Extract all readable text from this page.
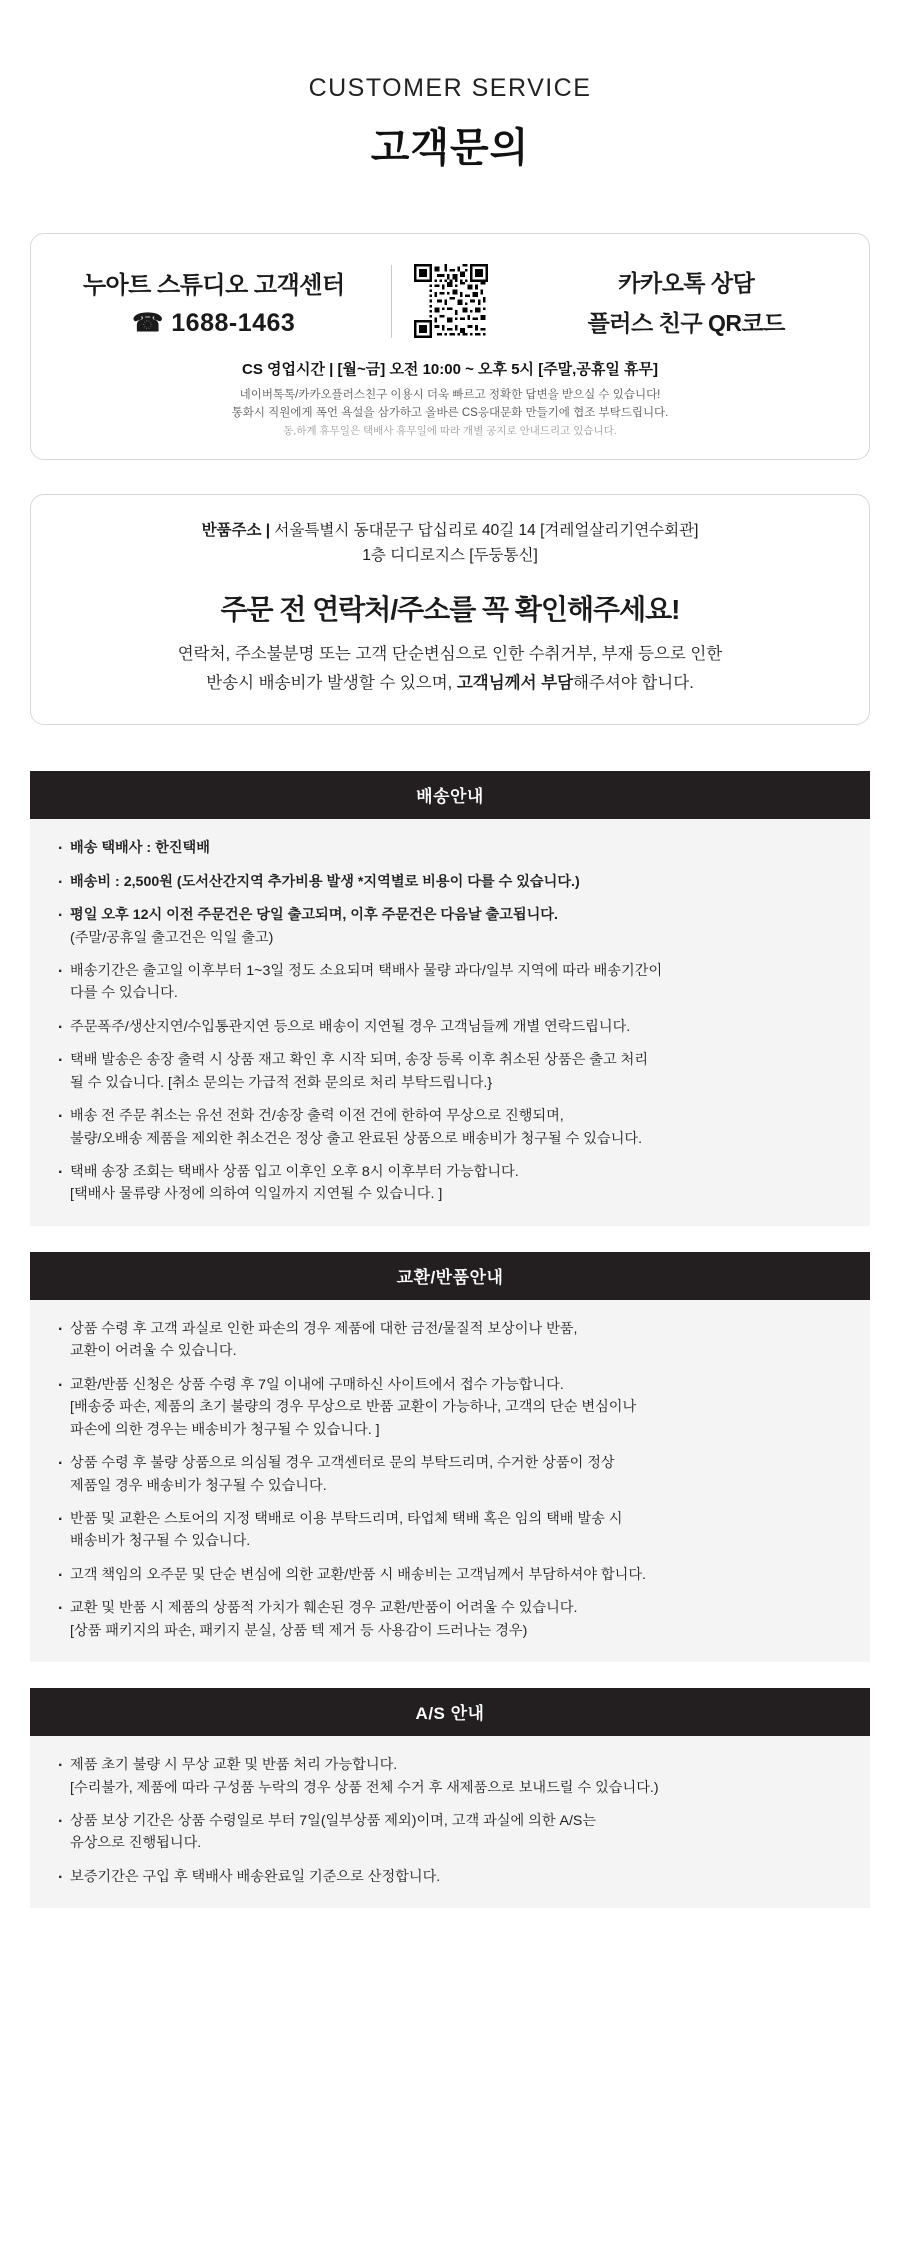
CUSTOMER SERVICE
고객문의
누아트 스튜디오 고객센터
☎ 1688-1463
카카오톡 상담
플러스 친구 QR코드
CS 영업시간 | [월~금] 오전 10:00 ~ 오후 5시 [주말,공휴일 휴무]
네이버톡톡/카카오플러스친구 이용시 더욱 빠르고 정확한 답변을 받으실 수 있습니다!
통화시 직원에게 폭언 욕설을 삼가하고 올바른 CS응대문화 만들기에 협조 부탁드립니다.
동,하계 휴무일은 택배사 휴무일에 따라 개별 공지로 안내드리고 있습니다.
반품주소 | 서울특별시 동대문구 답십리로 40길 14 [겨레얼살리기연수회관]
1층 디디로지스 [두둥통신]
주문 전 연락처/주소를 꼭 확인해주세요!
연락처, 주소불분명 또는 고객 단순변심으로 인한 수취거부, 부재 등으로 인한
반송시 배송비가 발생할 수 있으며, 고객님께서 부담해주셔야 합니다.
배송안내
· 배송 택배사 : 한진택배
· 배송비 : 2,500원 (도서산간지역 추가비용 발생 *지역별로 비용이 다를 수 있습니다.)
· 평일 오후 12시 이전 주문건은 당일 출고되며, 이후 주문건은 다음날 출고됩니다.
(주말/공휴일 출고건은 익일 출고)
· 배송기간은 출고일 이후부터 1~3일 정도 소요되며 택배사 물량 과다/일부 지역에 따라 배송기간이
다를 수 있습니다.
· 주문폭주/생산지연/수입통관지연 등으로 배송이 지연될 경우 고객님들께 개별 연락드립니다.
· 택배 발송은 송장 출력 시 상품 재고 확인 후 시작 되며, 송장 등록 이후 취소된 상품은 출고 처리
될 수 있습니다. [취소 문의는 가급적 전화 문의로 처리 부탁드립니다.}
· 배송 전 주문 취소는 유선 전화 건/송장 출력 이전 건에 한하여 무상으로 진행되며,
불량/오배송 제품을 제외한 취소건은 정상 출고 완료된 상품으로 배송비가 청구될 수 있습니다.
· 택배 송장 조회는 택배사 상품 입고 이후인 오후 8시 이후부터 가능합니다.
[택배사 물류량 사정에 의하여 익일까지 지연될 수 있습니다. ]
교환/반품안내
· 상품 수령 후 고객 과실로 인한 파손의 경우 제품에 대한 금전/물질적 보상이나 반품,
교환이 어려울 수 있습니다.
· 교환/반품 신청은 상품 수령 후 7일 이내에 구매하신 사이트에서 접수 가능합니다.
[배송중 파손, 제품의 초기 불량의 경우 무상으로 반품 교환이 가능하나, 고객의 단순 변심이나
파손에 의한 경우는 배송비가 청구될 수 있습니다. ]
· 상품 수령 후 불량 상품으로 의심될 경우 고객센터로 문의 부탁드리며, 수거한 상품이 정상
제품일 경우 배송비가 청구될 수 있습니다.
· 반품 및 교환은 스토어의 지정 택배로 이용 부탁드리며, 타업체 택배 혹은 임의 택배 발송 시
배송비가 청구될 수 있습니다.
· 고객 책임의 오주문 및 단순 변심에 의한 교환/반품 시 배송비는 고객님께서 부담하셔야 합니다.
· 교환 및 반품 시 제품의 상품적 가치가 훼손된 경우 교환/반품이 어려울 수 있습니다.
[상품 패키지의 파손, 패키지 분실, 상품 텍 제거 등 사용감이 드러나는 경우)
A/S 안내
· 제품 초기 불량 시 무상 교환 및 반품 처리 가능합니다.
[수리불가, 제품에 따라 구성품 누락의 경우 상품 전체 수거 후 새제품으로 보내드릴 수 있습니다.)
· 상품 보상 기간은 상품 수령일로 부터 7일(일부상품 제외)이며, 고객 과실에 의한 A/S는
유상으로 진행됩니다.
· 보증기간은 구입 후 택배사 배송완료일 기준으로 산정합니다.
